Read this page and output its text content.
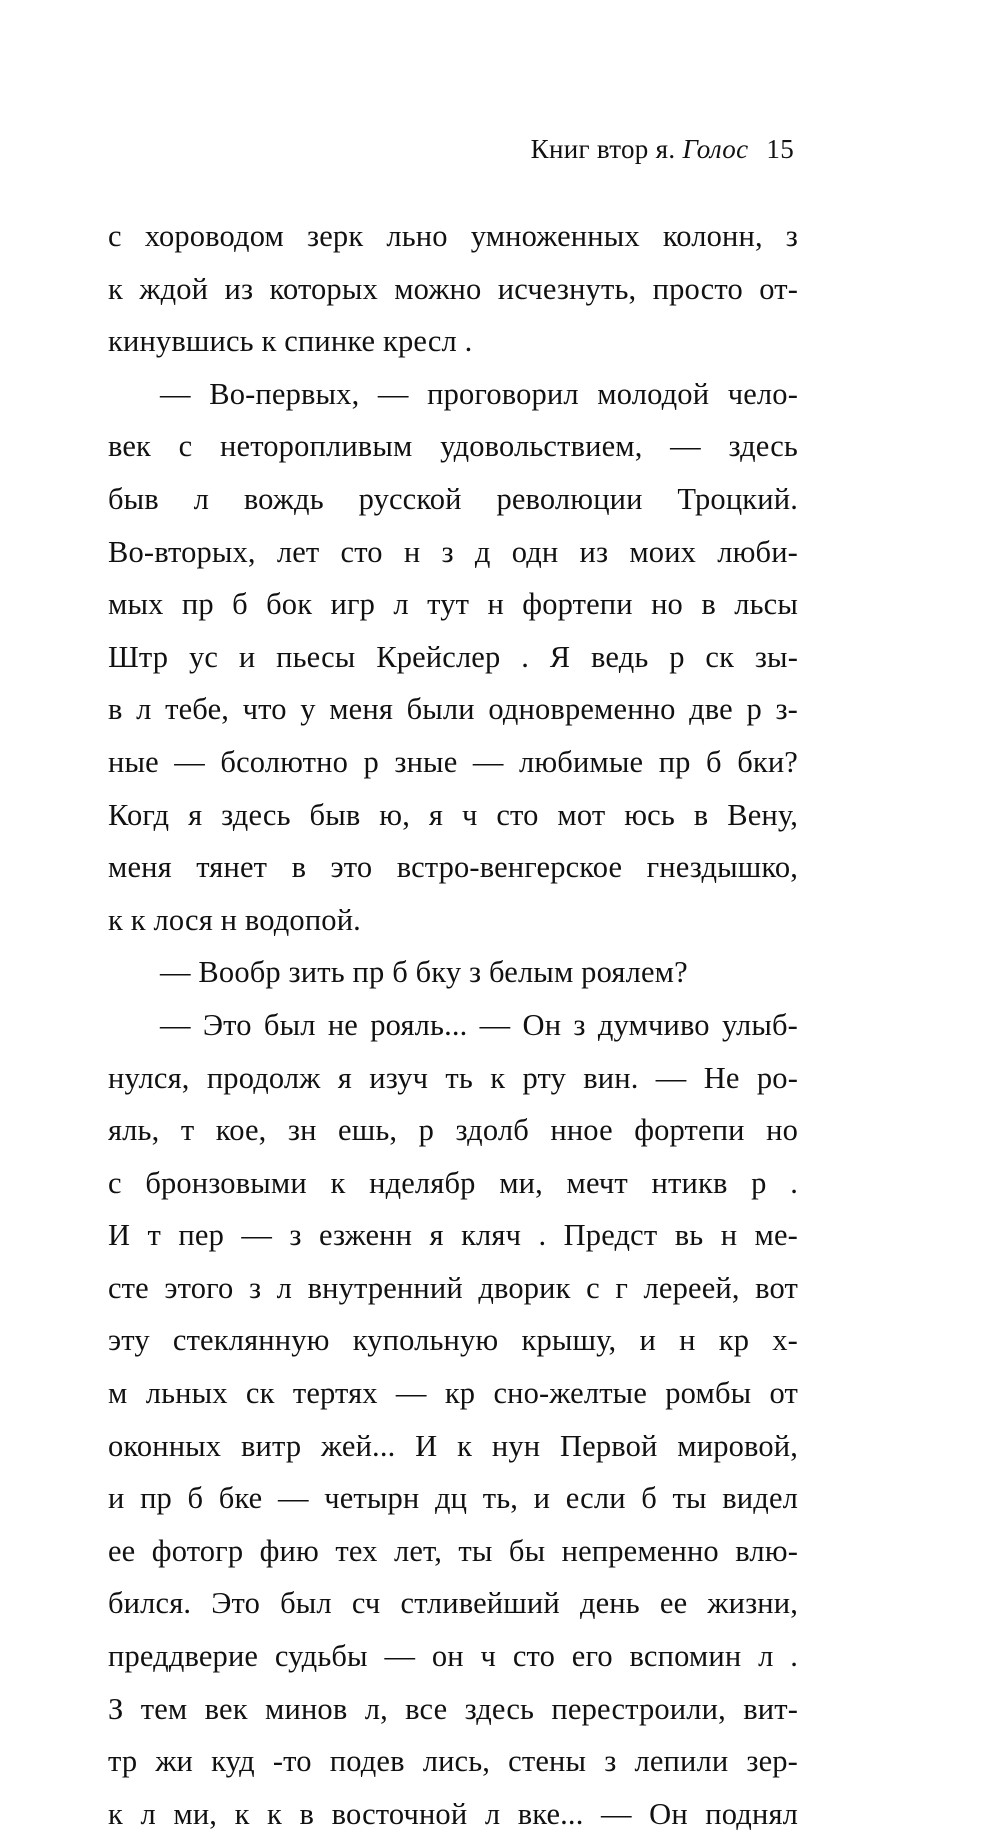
Книг втор я. Голос 15
с хороводом зерк льно умноженных колонн, з
к ждой из которых можно исчезнуть, просто от-
кинувшись к спинке кресл .
— Во-первых, — проговорил молодой чело-
век с неторопливым удовольствием, — здесь
быв л вождь русской революции Троцкий.
Во-вторых, лет сто н з д одн из моих люби-
мых пр б бок игр л тут н фортепи но в льсы
Штр ус и пьесы Крейслер . Я ведь р ск зы-
в л тебе, что у меня были одновременно две р з-
ные — бсолютно р зные — любимые пр б бки?
Когд я здесь быв ю, я ч сто мот юсь в Вену,
меня тянет в это встро-венгерское гнездышко,
к к лося н водопой.
— Вообр зить пр б бку з белым роялем?
— Это был не рояль... — Он з думчиво улыб-
нулся, продолж я изуч ть к рту вин. — Не ро-
яль, т кое, зн ешь, р здолб нное фортепи но
с бронзовыми к нделябр ми, мечт нтикв р .
И т пер — з езженн я кляч . Предст вь н ме-
сте этого з л внутренний дворик с г лереей, вот
эту стеклянную купольную крышу, и н кр х-
м льных ск тертях — кр сно-желтые ромбы от
оконных витр жей... И к нун Первой мировой,
и пр б бке — четырн дц ть, и если б ты видел
ее фотогр фию тех лет, ты бы непременно влю-
бился. Это был сч стливейший день ее жизни,
преддверие судьбы — он ч сто его вспомин л .
З тем век минов л, все здесь перестроили, вит-
тр жи куд -то подев лись, стены з лепили зер-
к л ми, к к в восточной л вке... — Он поднял
